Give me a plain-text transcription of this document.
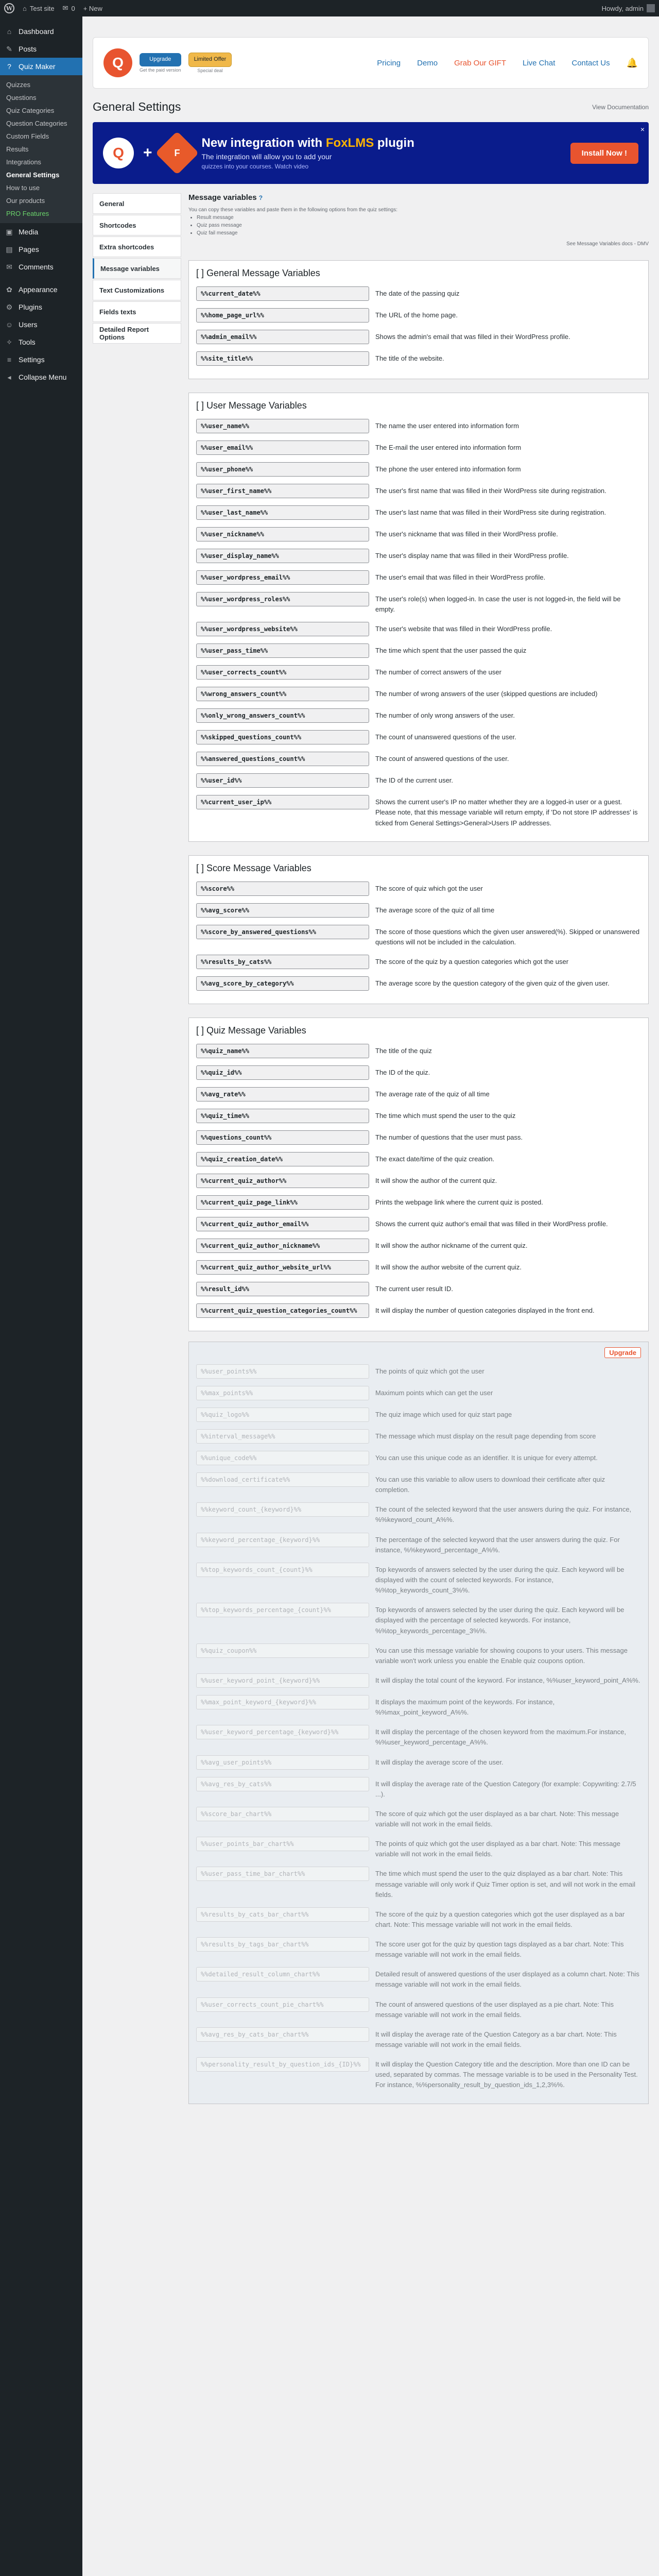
W ⌂ Test site ✉ 0 + New	Howdy, admin
⌂ Dashboard
✎ Posts
?	Quiz Maker
Quizzes
Questions
Quiz Categories
Question Categories
Custom Fields
Results
Integrations
General Settings
How to use
Our products
PRO Features
▣ Media
▤ Pages
✉ Comments
✿ Appearance
⚙ Plugins
☺ Users
✧ Tools
≡ Settings
◂	Collapse Menu
Q	Upgrade
Get the paid version
Limited Offer
Special deal
Pricing Demo Grab Our GIFT Live Chat Contact Us 🔔
General Settings	View Documentation
Q	+ F
New integration with FoxLMS plugin

The integration will allow you to add your

quizzes into your courses. Watch video

Install Now !
×
General
Shortcodes
Extra shortcodes
Message variables
Text Customizations
Fields texts
Detailed Report Options
Message variables ?

You can copy these variables and paste them in the following options from the quiz settings:

• Result message
• Quiz pass message
• Quiz fail message
See Message Variables docs - DMV
[ ] General Message Variables
%%current_date%%	The date of the passing quiz
%%home_page_url%%	The URL of the home page.
%%admin_email%%	Shows the admin's email that was filled in their WordPress profile.
%%site_title%%	The title of the website.
[ ] User Message Variables
%%user_name%%	The name the user entered into information form
%%user_email%%	The E-mail the user entered into information form
%%user_phone%%	The phone the user entered into information form
%%user_first_name%%	The user's first name that was filled in their WordPress site during registration.
%%user_last_name%%	The user's last name that was filled in their WordPress site during registration.
%%user_nickname%%	The user's nickname that was filled in their WordPress profile.
%%user_display_name%%	The user's display name that was filled in their WordPress profile.
%%user_wordpress_email%%	The user's email that was filled in their WordPress profile.
%%user_wordpress_roles%%	The user's role(s) when logged-in. In case the user is not logged-in, the field will be empty.
%%user_wordpress_website%%	The user's website that was filled in their WordPress profile.
%%user_pass_time%%	The time which spent that the user passed the quiz
%%user_corrects_count%%	The number of correct answers of the user
%%wrong_answers_count%%	The number of wrong answers of the user (skipped questions are included)
%%only_wrong_answers_count%%	The number of only wrong answers of the user.
%%skipped_questions_count%%	The count of unanswered questions of the user.
%%answered_questions_count%%	The count of answered questions of the user.
%%user_id%%	The ID of the current user.
%%current_user_ip%%	Shows the current user's IP no matter whether they are a logged-in user or a guest. Please note, that this message variable will return empty, if 'Do not store IP addresses' is ticked from General Settings>General>Users IP addresses.
[ ] Score Message Variables
%%score%%	The score of quiz which got the user
%%avg_score%%	The average score of the quiz of all time
%%score_by_answered_questions%%	The score of those questions which the given user answered(%). Skipped or unanswered questions will not be included in the calculation.
%%results_by_cats%%	The score of the quiz by a question categories which got the user
%%avg_score_by_category%%	The average score by the question category of the given quiz of the given user.
[ ] Quiz Message Variables
%%quiz_name%%	The title of the quiz
%%quiz_id%%	The ID of the quiz.
%%avg_rate%%	The average rate of the quiz of all time
%%quiz_time%%	The time which must spend the user to the quiz
%%questions_count%%	The number of questions that the user must pass.
%%quiz_creation_date%%	The exact date/time of the quiz creation.
%%current_quiz_author%%	It will show the author of the current quiz.
%%current_quiz_page_link%%	Prints the webpage link where the current quiz is posted.
%%current_quiz_author_email%%	Shows the current quiz author's email that was filled in their WordPress profile.
%%current_quiz_author_nickname%%	It will show the author nickname of the current quiz.
%%current_quiz_author_website_url%%	It will show the author website of the current quiz.
%%result_id%%	The current user result ID.
%%current_quiz_question_categories_count%%	It will display the number of question categories displayed in the front end.
Upgrade
%%user_points%%	The points of quiz which got the user
%%max_points%%	Maximum points which can get the user
%%quiz_logo%%	The quiz image which used for quiz start page
%%interval_message%%	The message which must display on the result page depending from score
%%unique_code%%	You can use this unique code as an identifier. It is unique for every attempt.
%%download_certificate%%	You can use this variable to allow users to download their certificate after quiz completion.
%%keyword_count_{keyword}%%	The count of the selected keyword that the user answers during the quiz. For instance, %%keyword_count_A%%.
%%keyword_percentage_{keyword}%%	The percentage of the selected keyword that the user answers during the quiz. For instance, %%keyword_percentage_A%%.
%%top_keywords_count_{count}%%	Top keywords of answers selected by the user during the quiz. Each keyword will be displayed with the count of selected keywords. For instance, %%top_keywords_count_3%%.
%%top_keywords_percentage_{count}%%	Top keywords of answers selected by the user during the quiz. Each keyword will be displayed with the percentage of selected keywords. For instance, %%top_keywords_percentage_3%%.
%%quiz_coupon%%	You can use this message variable for showing coupons to your users. This message variable won't work unless you enable the Enable quiz coupons option.
%%user_keyword_point_{keyword}%%	It will display the total count of the keyword. For instance, %%user_keyword_point_A%%.
%%max_point_keyword_{keyword}%%	It displays the maximum point of the keywords. For instance, %%max_point_keyword_A%%.
%%user_keyword_percentage_{keyword}%%	It will display the percentage of the chosen keyword from the maximum.For instance, %%user_keyword_percentage_A%%.
%%avg_user_points%%	It will display the average score of the user.
%%avg_res_by_cats%%	It will display the average rate of the Question Category (for example: Copywriting: 2.7/5 ...).
%%score_bar_chart%%	The score of quiz which got the user displayed as a bar chart. Note: This message variable will not work in the email fields.
%%user_points_bar_chart%%	The points of quiz which got the user displayed as a bar chart. Note: This message variable will not work in the email fields.
%%user_pass_time_bar_chart%%	The time which must spend the user to the quiz displayed as a bar chart. Note: This message variable will only work if Quiz Timer option is set, and will not work in the email fields.
%%results_by_cats_bar_chart%%	The score of the quiz by a question categories which got the user displayed as a bar chart. Note: This message variable will not work in the email fields.
%%results_by_tags_bar_chart%%	The score user got for the quiz by question tags displayed as a bar chart. Note: This message variable will not work in the email fields.
%%detailed_result_column_chart%%	Detailed result of answered questions of the user displayed as a column chart. Note: This message variable will not work in the email fields.
%%user_corrects_count_pie_chart%%	The count of answered questions of the user displayed as a pie chart. Note: This message variable will not work in the email fields.
%%avg_res_by_cats_bar_chart%%	It will display the average rate of the Question Category as a bar chart. Note: This message variable will not work in the email fields.
%%personality_result_by_question_ids_{ID}%%	It will display the Question Category title and the description. More than one ID can be used, separated by commas. The message variable is to be used in the Personality Test. For instance, %%personality_result_by_question_ids_1,2,3%%.
